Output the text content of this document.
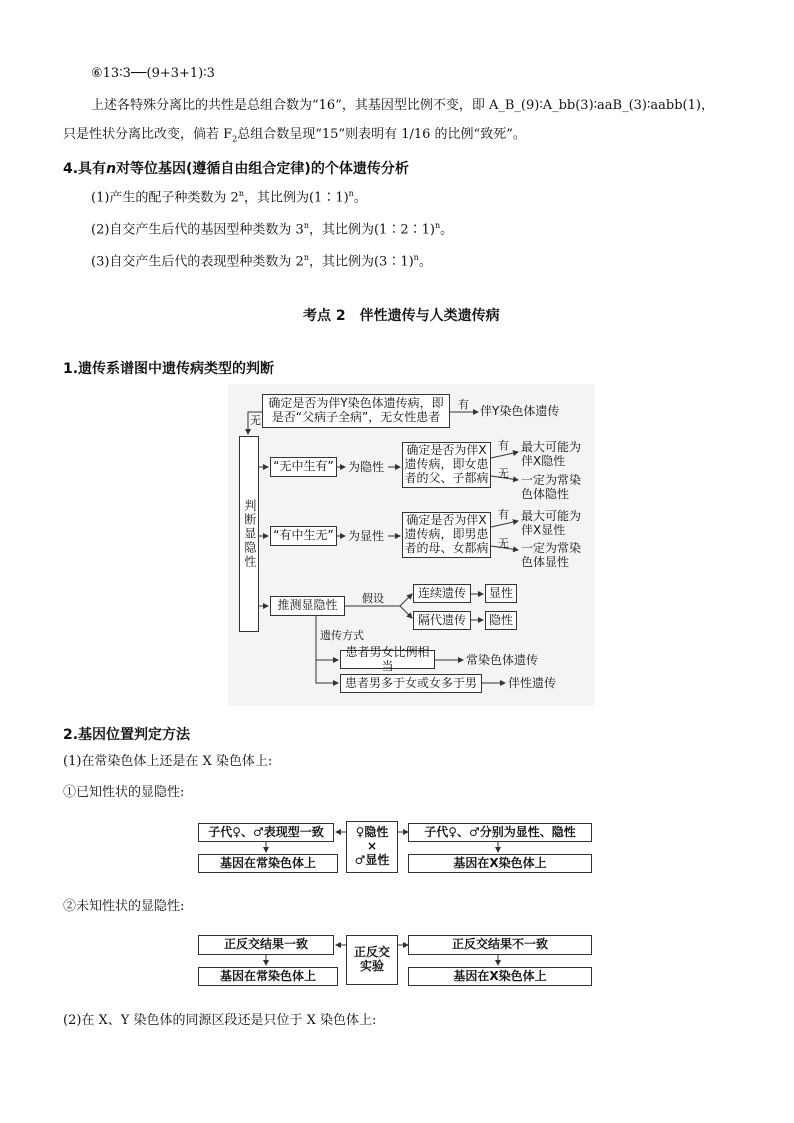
⑥13∶3──(9+3+1)∶3
上述各特殊分离比的共性是总组合数为“16”，其基因型比例不变，即 A_B_(9)∶A_bb(3)∶aaB_(3)∶aabb(1)，
只是性状分离比改变，倘若 $F_2$总组合数呈现“15”则表明有 1/16 的比例“致死”。
4.具有n对等位基因(遵循自由组合定律)的个体遗传分析
(1)产生的配子种类数为 2$^n$，其比例为(1∶1)$^n$。
(2)自交产生后代的基因型种类数为 3$^n$，其比例为(1∶2∶1)$^n$。
(3)自交产生后代的表现型种类数为 2$^n$，其比例为(3∶1)$^n$。
考点 2　伴性遗传与人类遗传病
1.遗传系谱图中遗传病类型的判断
确定是否为伴Y染色体遗传病，即
是否“父病子全病”，无女性患者
有
无
伴Y染色体遗传
判断显隐性
“无中生有” 为隐性
确定是否为伴X
遗传病，即女患
者的父、子都病
有
无
最大可能为
伴X隐性
一定为常染
色体隐性
“有中生无” 为显性
确定是否为伴X
遗传病，即男患
者的母、女都病
有
无
最大可能为
伴X显性
一定为常染
色体显性
推测显隐性	假设	连续遗传	显性
隔代遗传	隐性
遗传方式
患者男女比例相当	常染色体遗传
患者男多于女或女多于男	伴性遗传
2.基因位置判定方法
(1)在常染色体上还是在 X 染色体上:
①已知性状的显隐性:
子代♀、♂表现型一致
基因在常染色体上
♀隐性
×
♂显性
子代♀、♂分别为显性、隐性
基因在X染色体上
②未知性状的显隐性:
正反交结果一致
基因在常染色体上
正反交
实验
正反交结果不一致
基因在X染色体上
(2)在 X、Y 染色体的同源区段还是只位于 X 染色体上:
